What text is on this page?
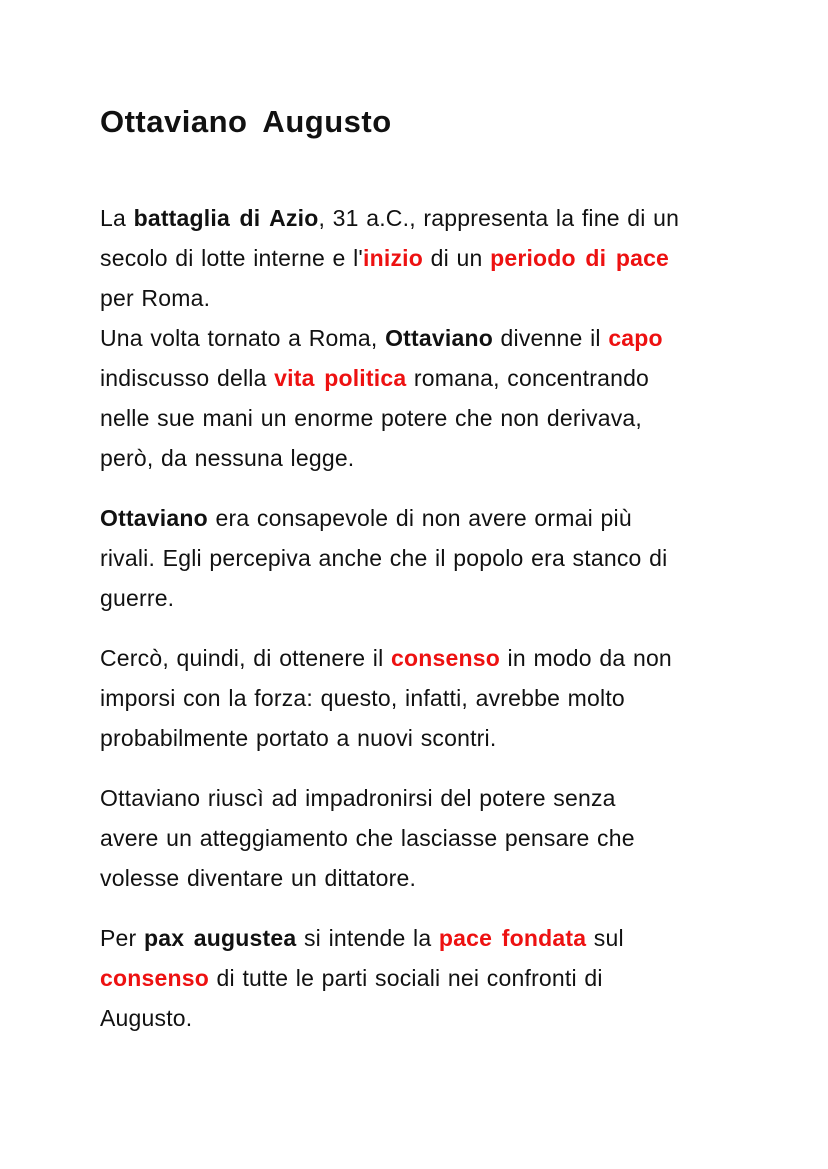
Ottaviano Augusto

La battaglia di Azio, 31 a.C., rappresenta la fine di un
secolo di lotte interne e l'inizio di un periodo di pace
per Roma.
Una volta tornato a Roma, Ottaviano divenne il capo
indiscusso della vita politica romana, concentrando
nelle sue mani un enorme potere che non derivava,
però, da nessuna legge.

Ottaviano era consapevole di non avere ormai più
rivali. Egli percepiva anche che il popolo era stanco di
guerre.

Cercò, quindi, di ottenere il consenso in modo da non
imporsi con la forza: questo, infatti, avrebbe molto
probabilmente portato a nuovi scontri.

Ottaviano riuscì ad impadronirsi del potere senza
avere un atteggiamento che lasciasse pensare che
volesse diventare un dittatore.

Per pax augustea si intende la pace fondata sul
consenso di tutte le parti sociali nei confronti di
Augusto.
